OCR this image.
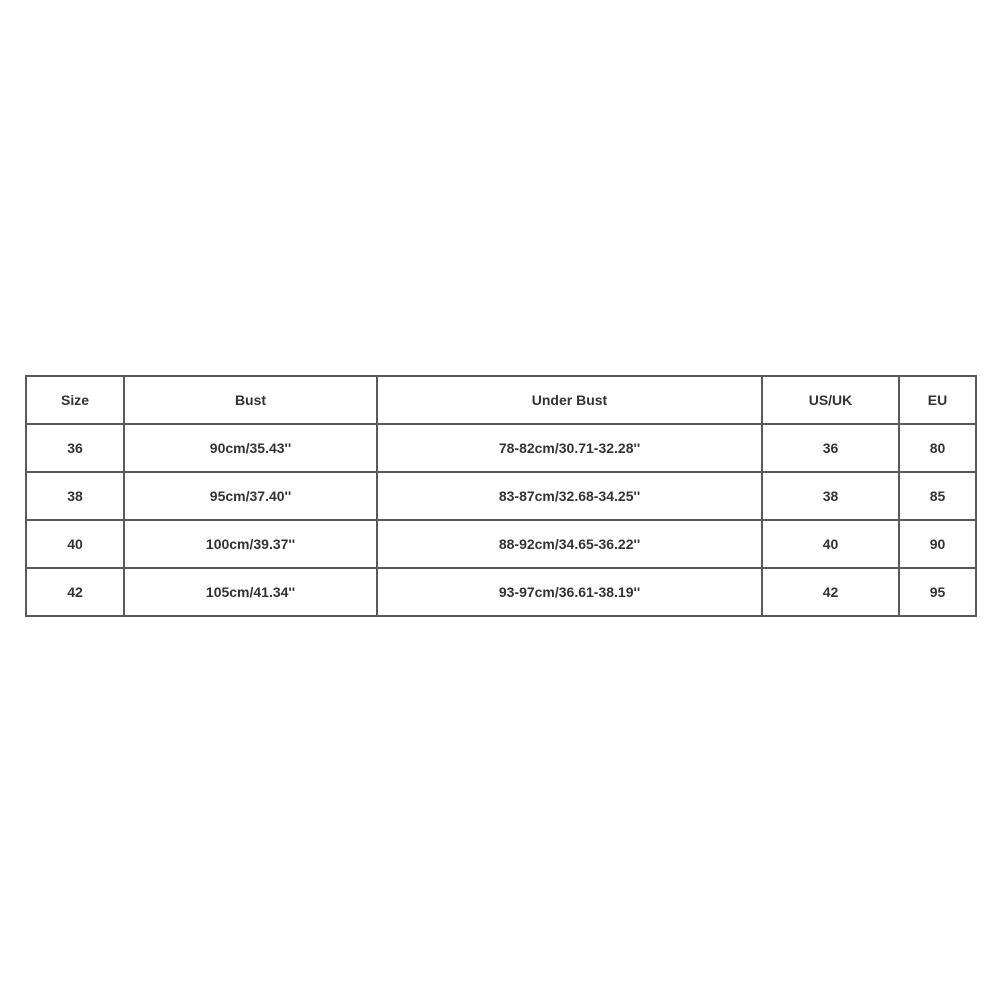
Size	Bust	Under Bust	US/UK	EU
36	90cm/35.43''	78-82cm/30.71-32.28''	36	80
38	95cm/37.40''	83-87cm/32.68-34.25''	38	85
40	100cm/39.37''	88-92cm/34.65-36.22''	40	90
42	105cm/41.34''	93-97cm/36.61-38.19''	42	95
